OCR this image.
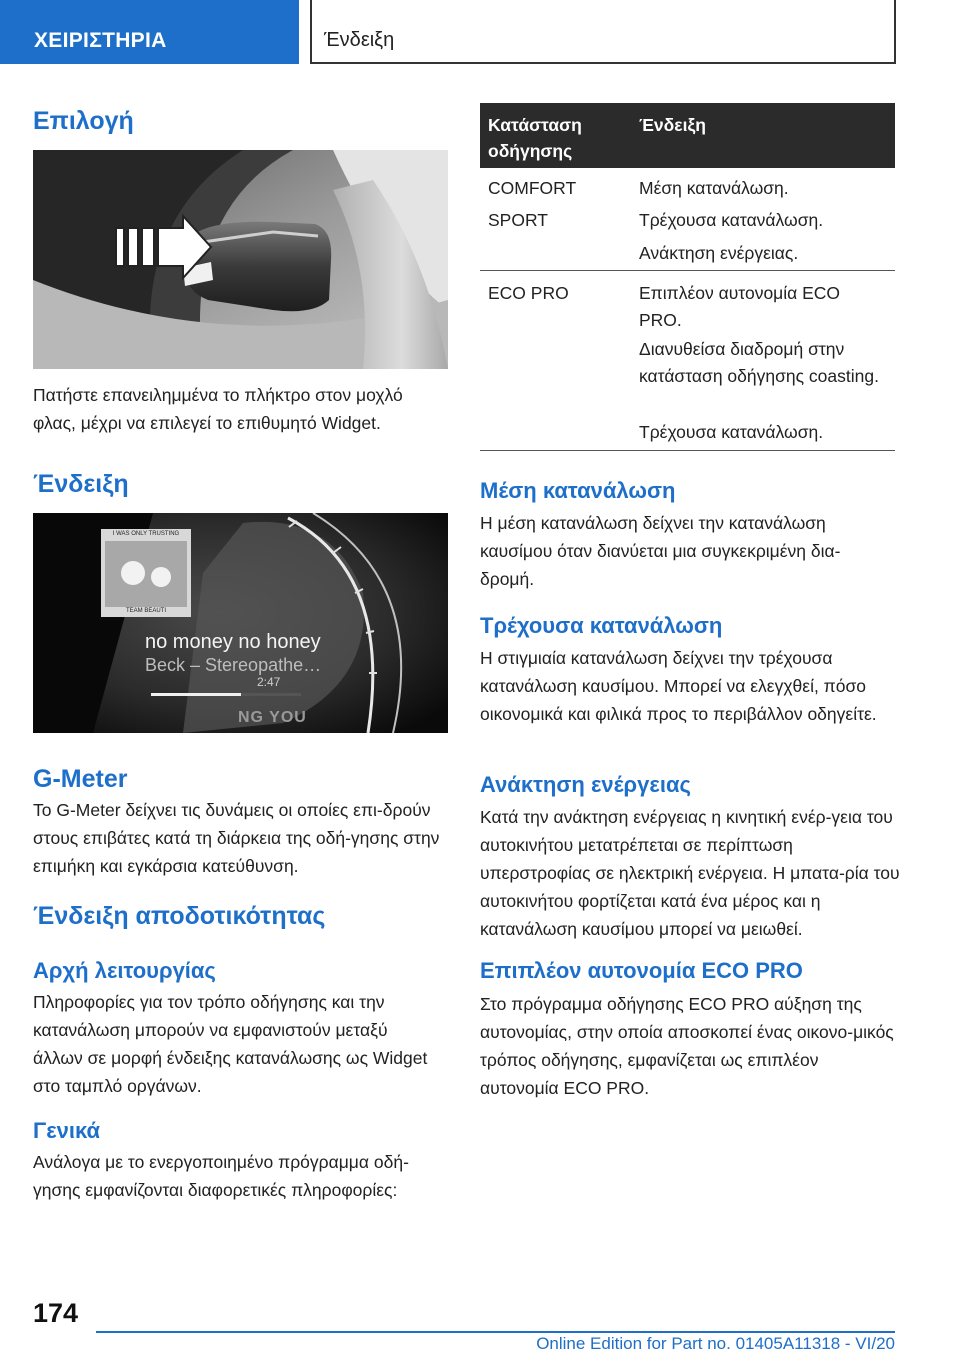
ΧΕΙΡΙΣΤΗΡΙΑ	Ένδειξη
Επιλογή
Πατήστε επανειλημμένα το πλήκτρο στον μοχλό φλας, μέχρι να επιλεγεί το επιθυμητό Widget.
Ένδειξη
I WAS ONLY TRUSTING
TEAM BEAUTI
no money no honey
Beck – Stereopathe…
2:47
NG YOU
G-Meter
Το G-Meter δείχνει τις δυνάμεις οι οποίες επι-δρούν στους επιβάτες κατά τη διάρκεια της οδή-γησης στην επιμήκη και εγκάρσια κατεύθυνση.
Ένδειξη αποδοτικότητας
Αρχή λειτουργίας
Πληροφορίες για τον τρόπο οδήγησης και την κατανάλωση μπορούν να εμφανιστούν μεταξύ άλλων σε μορφή ένδειξης κατανάλωσης ως Widget στο ταμπλό οργάνων.
Γενικά
Ανάλογα με το ενεργοποιημένο πρόγραμμα οδή-γησης εμφανίζονται διαφορετικές πληροφορίες:
Κατάσταση οδήγησης
Ένδειξη
COMFORT
SPORT
Μέση κατανάλωση.
Τρέχουσα κατανάλωση.
Ανάκτηση ενέργειας.
ECO PRO	Επιπλέον αυτονομία ECO PRO.
Διανυθείσα διαδρομή στην κατάσταση οδήγησης coasting.
Τρέχουσα κατανάλωση.
Μέση κατανάλωση
Η μέση κατανάλωση δείχνει την κατανάλωση καυσίμου όταν διανύεται μια συγκεκριμένη δια-δρομή.
Τρέχουσα κατανάλωση
Η στιγμιαία κατανάλωση δείχνει την τρέχουσα κατανάλωση καυσίμου. Μπορεί να ελεγχθεί, πόσο οικονομικά και φιλικά προς το περιβάλλον οδηγείτε.
Ανάκτηση ενέργειας
Κατά την ανάκτηση ενέργειας η κινητική ενέρ-γεια του αυτοκινήτου μετατρέπεται σε περίπτωση υπερστροφίας σε ηλεκτρική ενέργεια. Η μπατα-ρία του αυτοκινήτου φορτίζεται κατά ένα μέρος και η κατανάλωση καυσίμου μπορεί να μειωθεί.
Επιπλέον αυτονομία ECO PRO
Στο πρόγραμμα οδήγησης ECO PRO αύξηση της αυτονομίας, στην οποία αποσκοπεί ένας οικονο-μικός τρόπος οδήγησης, εμφανίζεται ως επιπλέον αυτονομία ECO PRO.
174
Online Edition for Part no. 01405A11318 - VI/20
